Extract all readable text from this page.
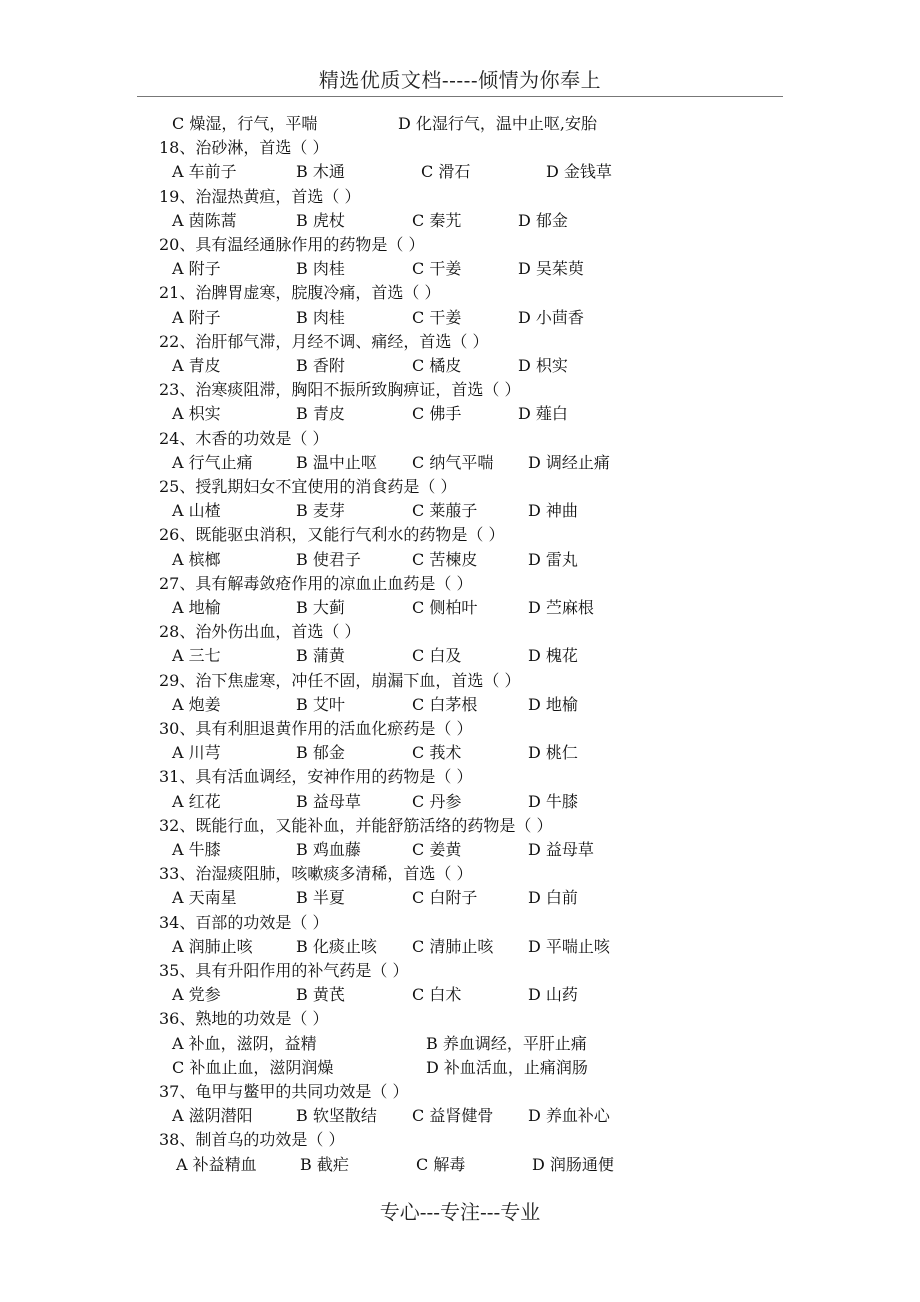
精选优质文档-----倾情为你奉上
C 燥湿，行气，平喘	D 化湿行气，温中止呕,安胎
18、治砂淋，首选（ ）
A 车前子	B 木通	C 滑石	D 金钱草
19、治湿热黄疸，首选（ ）
A 茵陈蒿	B 虎杖	C 秦艽	D 郁金
20、具有温经通脉作用的药物是（ ）
A 附子	B 肉桂	C 干姜	D 吴茱萸
21、治脾胃虚寒，脘腹冷痛，首选（ ）
A 附子	B 肉桂	C 干姜	D 小茴香
22、治肝郁气滞，月经不调、痛经，首选（ ）
A 青皮	B 香附	C 橘皮	D 枳实
23、治寒痰阻滞，胸阳不振所致胸痹证，首选（ ）
A 枳实	B 青皮	C 佛手	D 薤白
24、木香的功效是（ ）
A 行气止痛	B 温中止呕 C 纳气平喘 D 调经止痛
25、授乳期妇女不宜使用的消食药是（ ）
A 山楂	B 麦芽	C 莱菔子	D 神曲
26、既能驱虫消积，又能行气利水的药物是（ ）
A 槟榔	B 使君子	C 苦楝皮	D 雷丸
27、具有解毒敛疮作用的凉血止血药是（ ）
A 地榆	B 大蓟	C 侧柏叶	D 苎麻根
28、治外伤出血，首选（ ）
A 三七	B 蒲黄	C 白及	D 槐花
29、治下焦虚寒，冲任不固，崩漏下血，首选（ ）
A 炮姜	B 艾叶	C 白茅根	D 地榆
30、具有利胆退黄作用的活血化瘀药是（ ）
A 川芎	B 郁金	C 莪术	D 桃仁
31、具有活血调经，安神作用的药物是（ ）
A 红花	B 益母草	C 丹参	D 牛膝
32、既能行血，又能补血，并能舒筋活络的药物是（ ）
A 牛膝	B 鸡血藤	C 姜黄	D 益母草
33、治湿痰阻肺，咳嗽痰多清稀，首选（ ）
A 天南星	B 半夏	C 白附子	D 白前
34、百部的功效是（ ）
A 润肺止咳	B 化痰止咳 C 清肺止咳 D 平喘止咳
35、具有升阳作用的补气药是（ ）
A 党参	B 黄芪	C 白术	D 山药
36、熟地的功效是（ ）
A 补血，滋阴，益精	B 养血调经，平肝止痛
C 补血止血，滋阴润燥	D 补血活血，止痛润肠
37、龟甲与鳖甲的共同功效是（ ）
A 滋阴潜阳	B 软坚散结 C 益肾健骨 D 养血补心
38、制首乌的功效是（ ）
A 补益精血	B 截疟	C 解毒	D 润肠通便
专心---专注---专业
